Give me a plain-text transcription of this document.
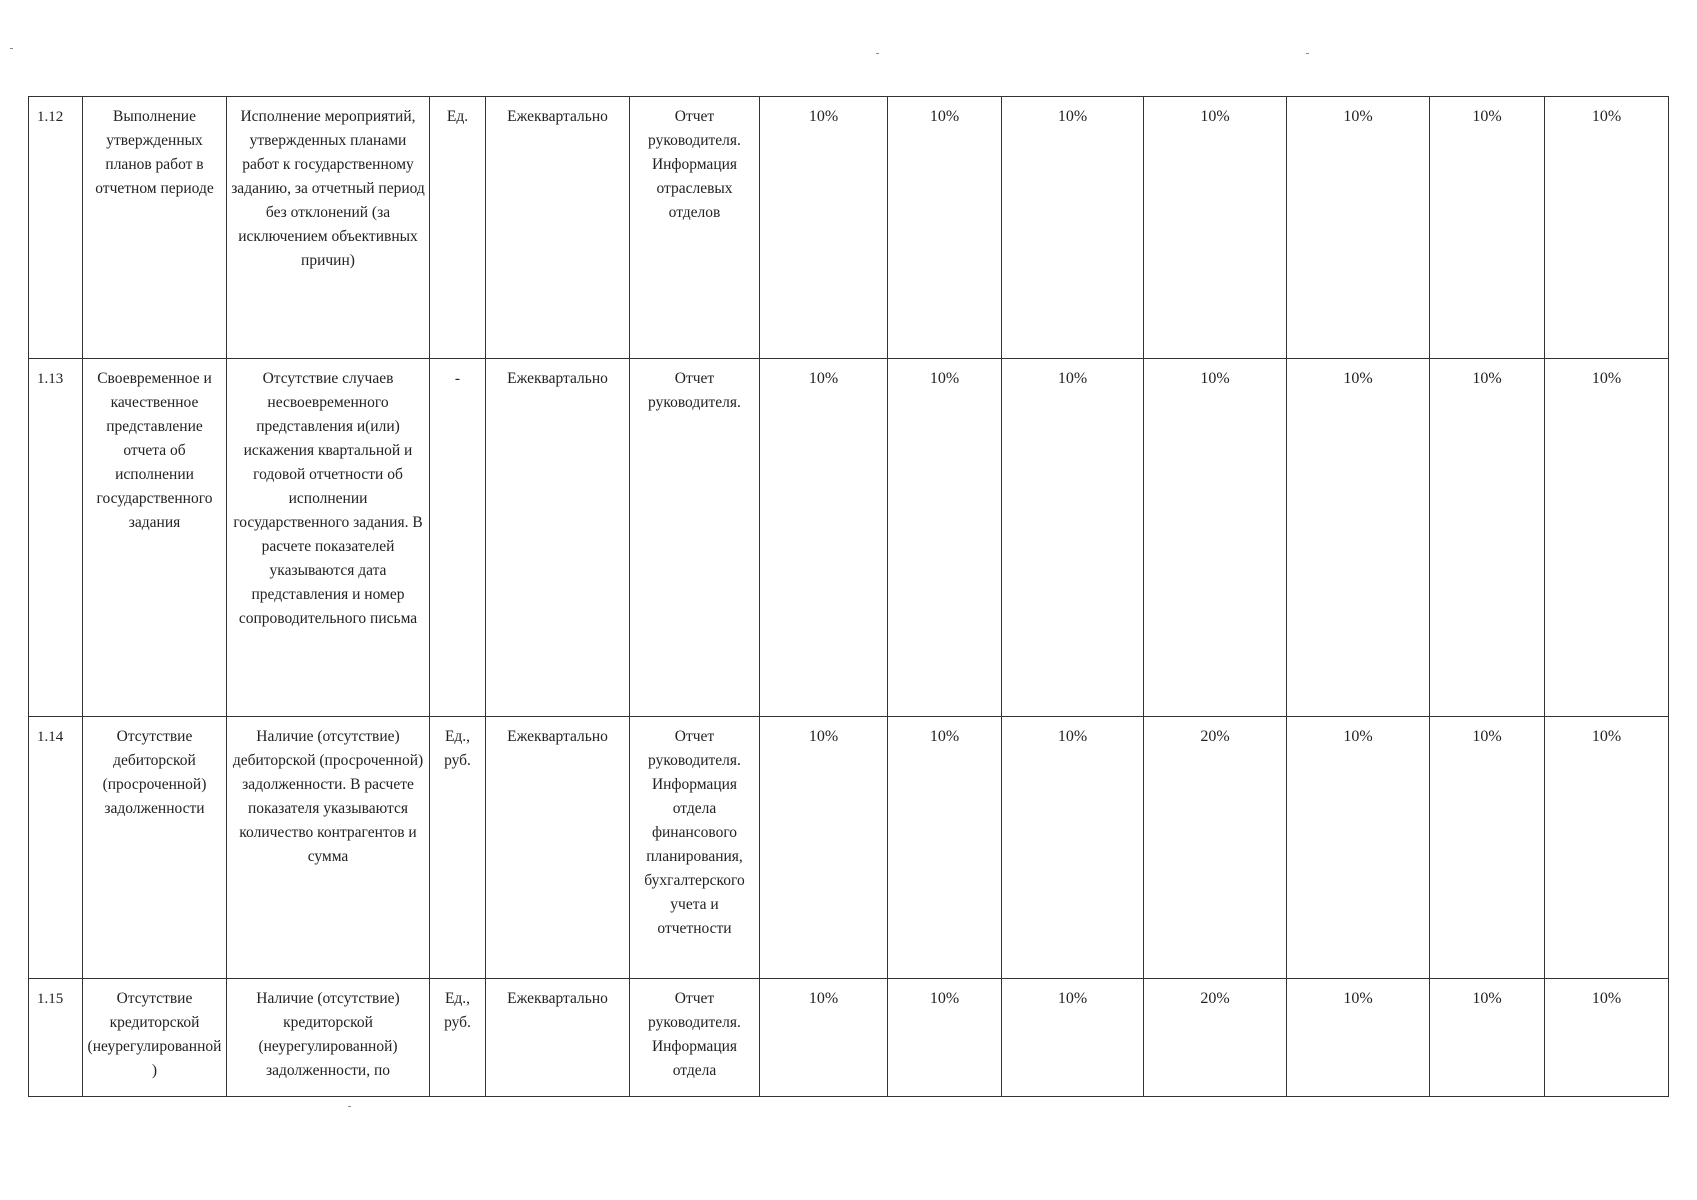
1.12	Выполнение утвержденных планов работ в отчетном периоде	Исполнение мероприятий, утвержденных планами работ к государственному заданию, за отчетный период без отклонений (за исключением объективных причин)	Ед.	Ежеквартально	Отчет руководителя. Информация отраслевых отделов	10%	10%	10%	10%	10%	10%	10%
1.13	Своевременное и качественное представление отчета об исполнении государственного задания	Отсутствие случаев несвоевременного представления и(или) искажения квартальной и годовой отчетности об исполнении государственного задания. В расчете показателей указываются дата представления и номер сопроводительного письма	-	Ежеквартально	Отчет руководителя.	10%	10%	10%	10%	10%	10%	10%
1.14	Отсутствие дебиторской (просроченной) задолженности	Наличие (отсутствие) дебиторской (просроченной) задолженности. В расчете показателя указываются количество контрагентов и сумма	Ед., руб.	Ежеквартально	Отчет руководителя. Информация отдела финансового планирования, бухгалтерского учета и отчетности	10%	10%	10%	20%	10%	10%	10%
1.15	Отсутствие кредиторской (неурегулированной)	Наличие (отсутствие) кредиторской (неурегулированной) задолженности, по	Ед., руб.	Ежеквартально	Отчет руководителя. Информация отдела	10%	10%	10%	20%	10%	10%	10%
